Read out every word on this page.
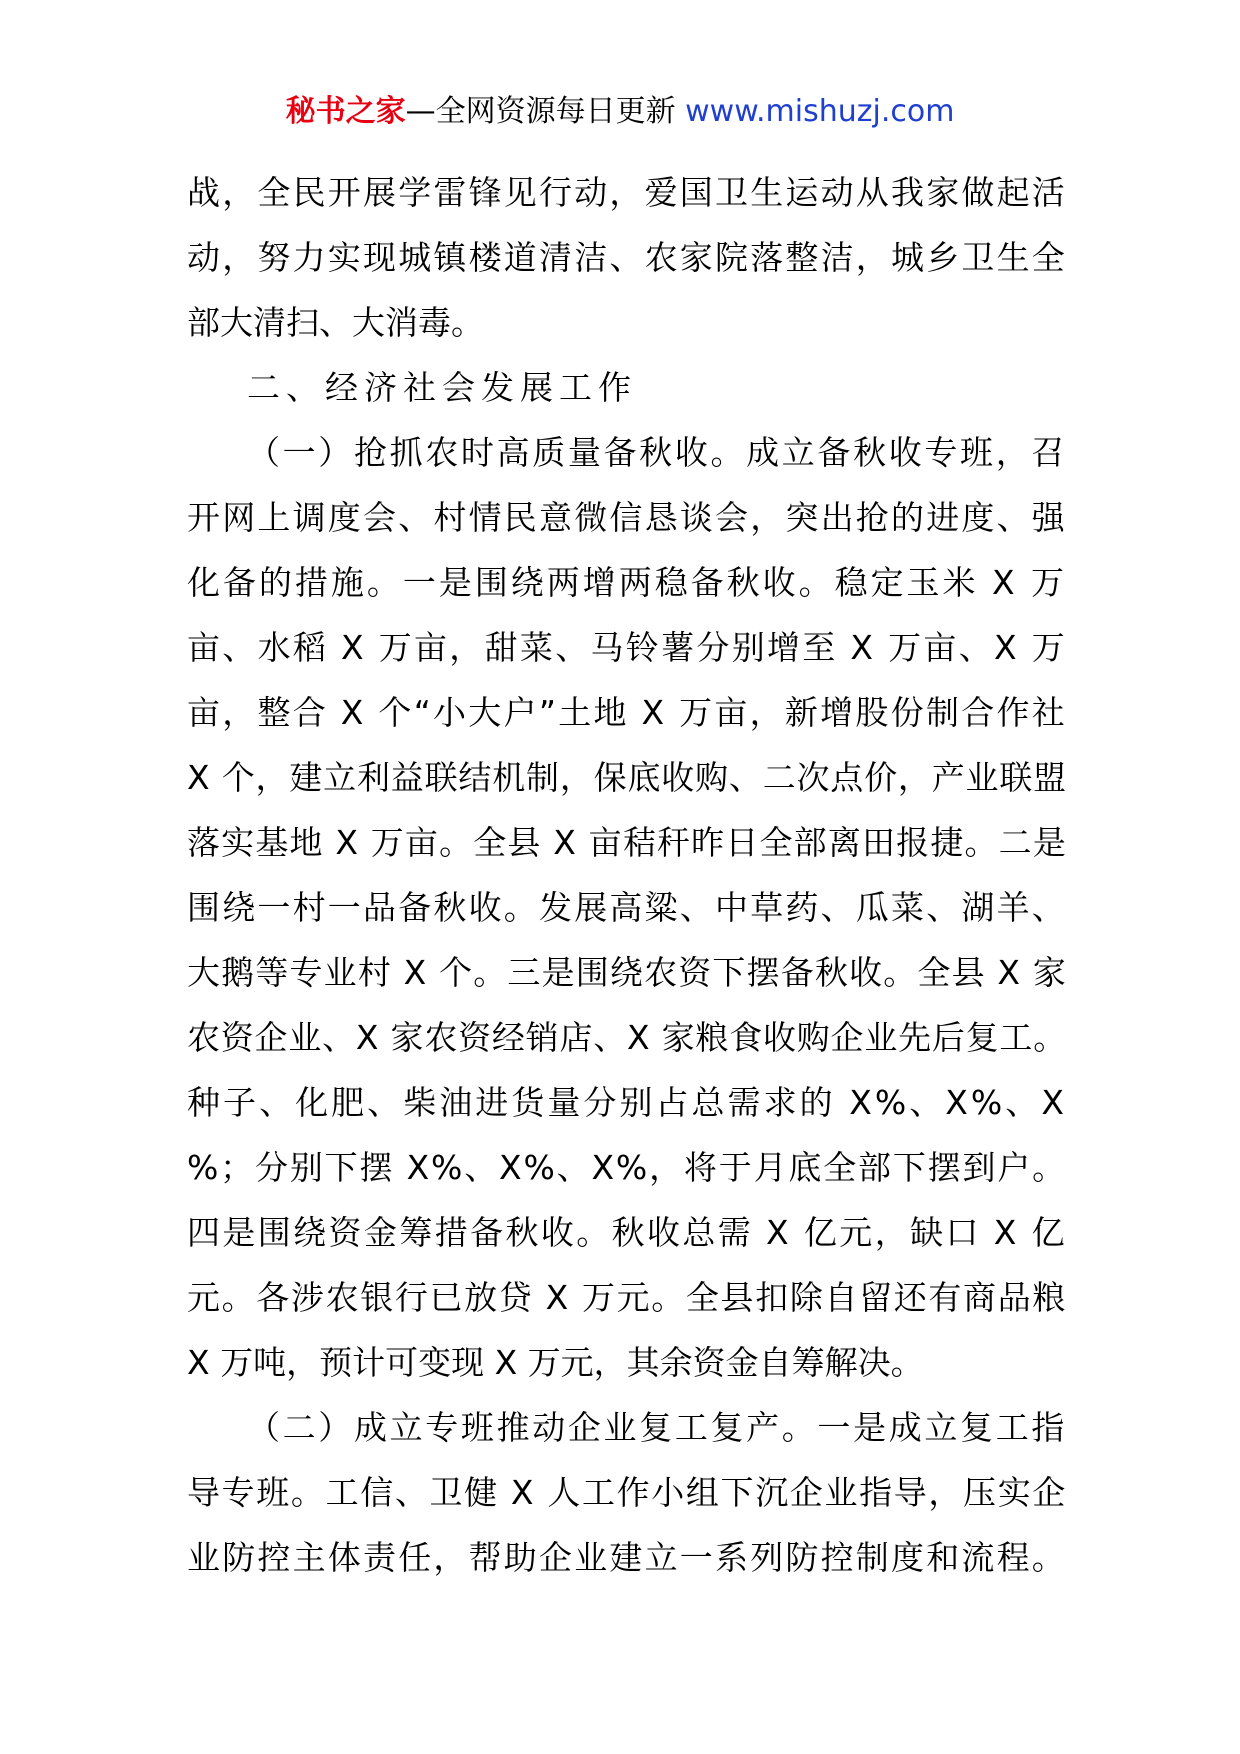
秘书之家—全网资源每日更新 www.mishuzj.com
战，全民开展学雷锋见行动，爱国卫生运动从我家做起活
动，努力实现城镇楼道清洁、农家院落整洁，城乡卫生全
部大清扫、大消毒。
二、经济社会发展工作
（一）抢抓农时高质量备秋收。成立备秋收专班，召
开网上调度会、村情民意微信恳谈会，突出抢的进度、强
化备的措施。一是围绕两增两稳备秋收。稳定玉米 X 万
亩、水稻 X 万亩，甜菜、马铃薯分别增至 X 万亩、X 万
亩，整合 X 个“小大户”土地 X 万亩，新增股份制合作社
X 个，建立利益联结机制，保底收购、二次点价，产业联盟
落实基地 X 万亩。全县 X 亩秸秆昨日全部离田报捷。二是
围绕一村一品备秋收。发展高粱、中草药、瓜菜、湖羊、
大鹅等专业村 X 个。三是围绕农资下摆备秋收。全县 X 家
农资企业、X 家农资经销店、X 家粮食收购企业先后复工。
种子、化肥、柴油进货量分别占总需求的 X%、X%、X
%；分别下摆 X%、X%、X%，将于月底全部下摆到户。
四是围绕资金筹措备秋收。秋收总需 X 亿元，缺口 X 亿
元。各涉农银行已放贷 X 万元。全县扣除自留还有商品粮
X 万吨，预计可变现 X 万元，其余资金自筹解决。
（二）成立专班推动企业复工复产。一是成立复工指
导专班。工信、卫健 X 人工作小组下沉企业指导，压实企
业防控主体责任，帮助企业建立一系列防控制度和流程。
